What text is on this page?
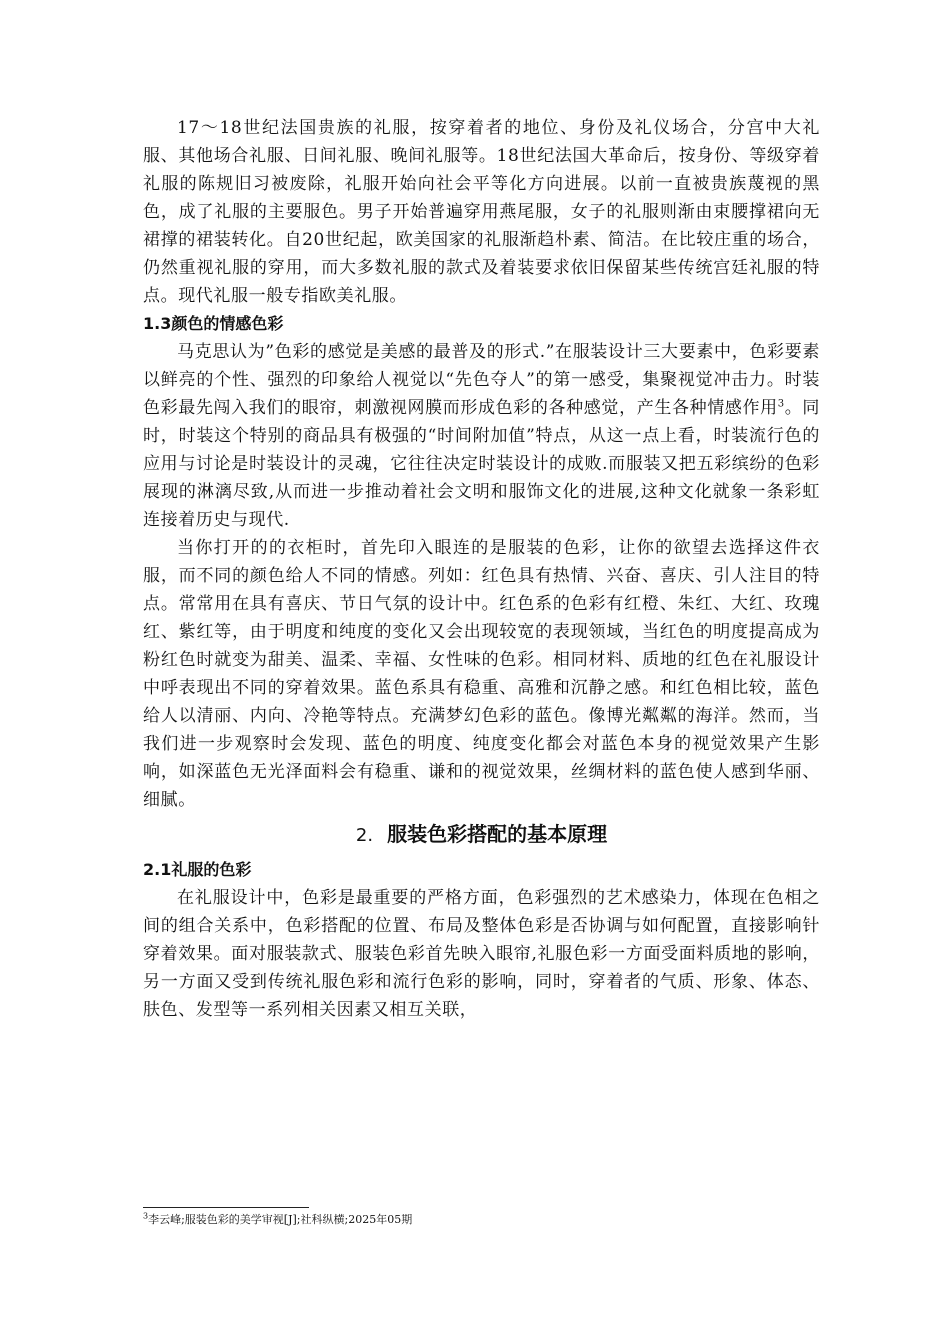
17～18世纪法国贵族的礼服，按穿着者的地位、身份及礼仪场合，分宫中大礼服、其他场合礼服、日间礼服、晚间礼服等。18世纪法国大革命后，按身份、等级穿着礼服的陈规旧习被废除，礼服开始向社会平等化方向进展。以前一直被贵族蔑视的黑色，成了礼服的主要服色。男子开始普遍穿用燕尾服，女子的礼服则渐由束腰撑裙向无裙撑的裙装转化。自20世纪起，欧美国家的礼服渐趋朴素、简洁。在比较庄重的场合，仍然重视礼服的穿用，而大多数礼服的款式及着装要求依旧保留某些传统宫廷礼服的特点。现代礼服一般专指欧美礼服。

1.3颜色的情感色彩

马克思认为”色彩的感觉是美感的最普及的形式.”在服装设计三大要素中，色彩要素以鲜亮的个性、强烈的印象给人视觉以“先色夺人”的第一感受，集聚视觉冲击力。时装色彩最先闯入我们的眼帘，刺激视网膜而形成色彩的各种感觉，产生各种情感作用$^3$。同时，时装这个特别的商品具有极强的“时间附加值”特点，从这一点上看，时装流行色的应用与讨论是时装设计的灵魂，它往往决定时装设计的成败.而服装又把五彩缤纷的色彩展现的淋漓尽致,从而进一步推动着社会文明和服饰文化的进展,这种文化就象一条彩虹连接着历史与现代.

当你打开的的衣柜时，首先印入眼连的是服装的色彩，让你的欲望去选择这件衣服，而不同的颜色给人不同的情感。列如：红色具有热情、兴奋、喜庆、引人注目的特点。常常用在具有喜庆、节日气氛的设计中。红色系的色彩有红橙、朱红、大红、玫瑰红、紫红等，由于明度和纯度的变化又会出现较宽的表现领域，当红色的明度提高成为粉红色时就变为甜美、温柔、幸福、女性味的色彩。相同材料、质地的红色在礼服设计中呼表现出不同的穿着效果。蓝色系具有稳重、高雅和沉静之感。和红色相比较，蓝色给人以清丽、内向、冷艳等特点。充满梦幻色彩的蓝色。像博光粼粼的海洋。然而，当我们进一步观察时会发现、蓝色的明度、纯度变化都会对蓝色本身的视觉效果产生影响，如深蓝色无光泽面料会有稳重、谦和的视觉效果，丝绸材料的蓝色使人感到华丽、细腻。

2. 服装色彩搭配的基本原理
2.1礼服的色彩

在礼服设计中，色彩是最重要的严格方面，色彩强烈的艺术感染力，体现在色相之间的组合关系中，色彩搭配的位置、布局及整体色彩是否协调与如何配置，直接影响针穿着效果。面对服装款式、服装色彩首先映入眼帘,礼服色彩一方面受面料质地的影响，另一方面又受到传统礼服色彩和流行色彩的影响，同时，穿着者的气质、形象、体态、肤色、发型等一系列相关因素又相互关联，

$^3$李云峰;服装色彩的美学审视[J];社科纵横;2025年05期
